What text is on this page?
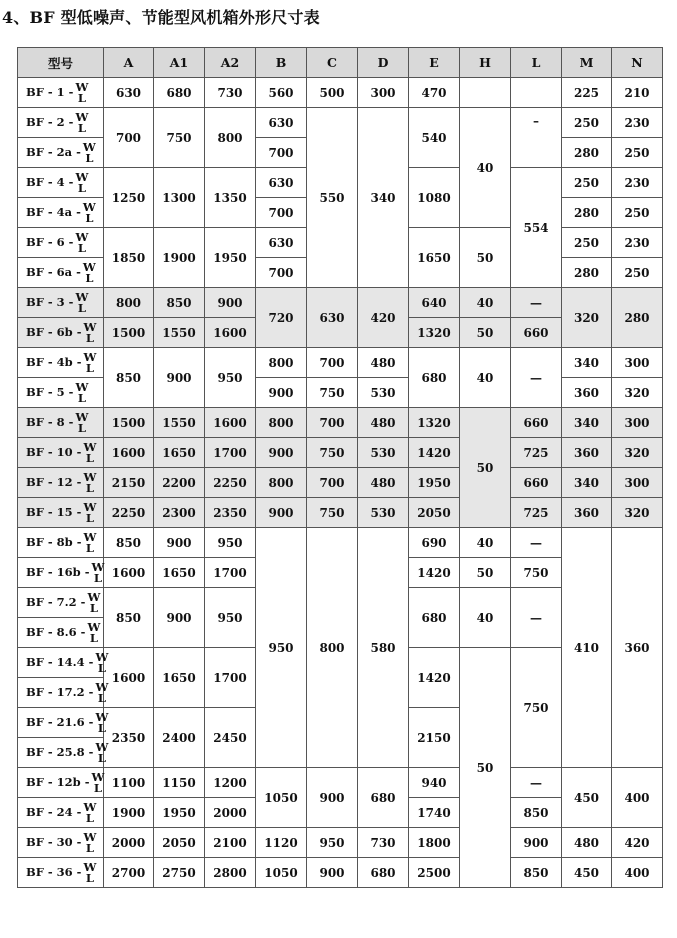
4、BF 型低噪声、节能型风机箱外形尺寸表
型号	A	A1	A2	B	C	D	E	H	L	M	N
BF - 1 - W
L	630	680	730	560	500	300	470			225	210
BF - 2 - W
L	700	750	800	630	550	340	540	40	–	250	230
BF - 2a - W
L				700						280	250
BF - 4 - W
L	1250	1300	1350	630			1080		554	250	230
BF - 4a - W
L				700						280	250
BF - 6 - W
L	1850	1900	1950	630			1650	50		250	230
BF - 6a - W
L				700						280	250
BF - 3 - W
L	800	850	900	720	630	420	640	40	—	320	280
BF - 6b - W
L	1500	1550	1600				1320	50	660		
BF - 4b - W
L	850	900	950	800	700	480	680	40	—	340	300
BF - 5 - W
L				900	750	530				360	320
BF - 8 - W
L	1500	1550	1600	800	700	480	1320	50	660	340	300
BF - 10 - W
L	1600	1650	1700	900	750	530	1420		725	360	320
BF - 12 - W
L	2150	2200	2250	800	700	480	1950		660	340	300
BF - 15 - W
L	2250	2300	2350	900	750	530	2050		725	360	320
BF - 8b - W
L	850	900	950	950	800	580	690	40	—	410	360
BF - 16b - W
L	1600	1650	1700				1420	50	750		
BF - 7.2 - W
L	850	900	950				680	40	—		
BF - 8.6 - W
L											

BF - 14.4 - W
L	1600	1650	1700				1420	50	750		
BF - 17.2 - W
L											

BF - 21.6 - W
L	2350	2400	2450				2150				
BF - 25.8 - W
L											

BF - 12b - W
L	1100	1150	1200	1050	900	680	940		—	450	400
BF - 24 - W
L	1900	1950	2000				1740		850		
BF - 30 - W
L	2000	2050	2100	1120	950	730	1800		900	480	420
BF - 36 - W
L	2700	2750	2800	1050	900	680	2500		850	450	400
